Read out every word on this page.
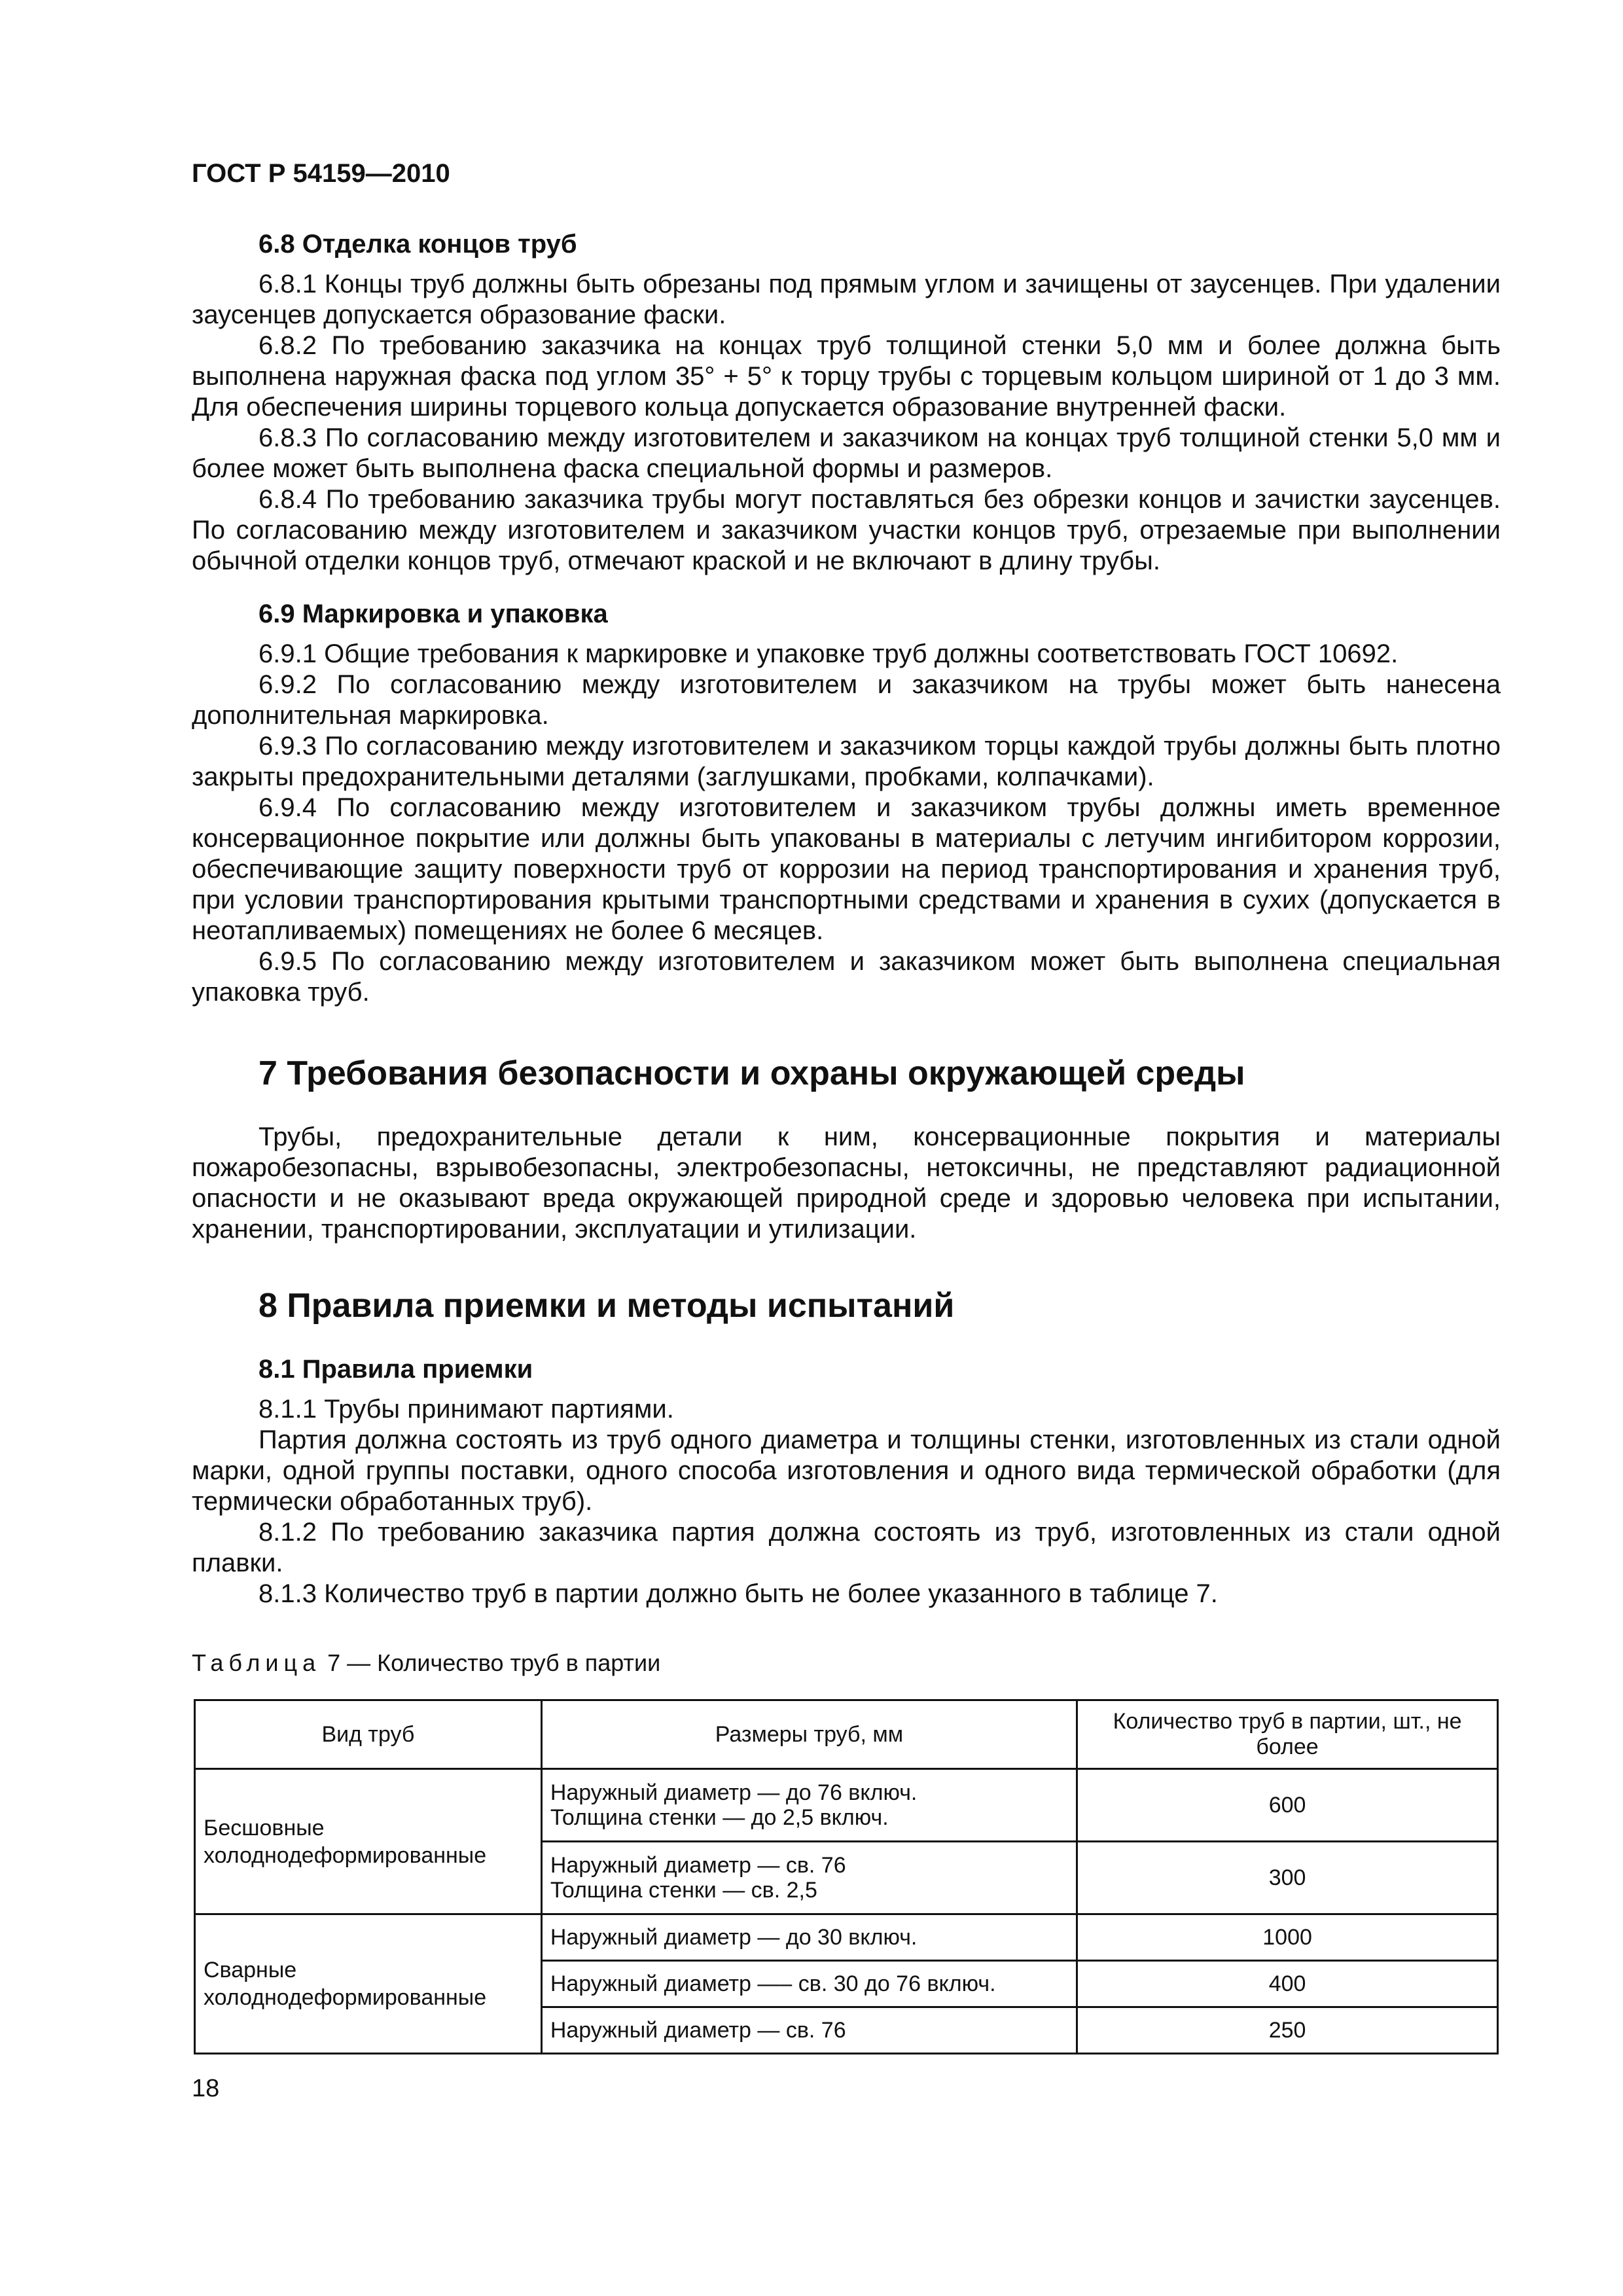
ГОСТ Р 54159—2010

6.8 Отделка концов труб

6.8.1 Концы труб должны быть обрезаны под прямым углом и зачищены от заусенцев. При удалении заусенцев допускается образование фаски.

6.8.2 По требованию заказчика на концах труб толщиной стенки 5,0 мм и более должна быть выполнена наружная фаска под углом 35° + 5° к торцу трубы с торцевым кольцом шириной от 1 до 3 мм. Для обеспечения ширины торцевого кольца допускается образование внутренней фаски.

6.8.3 По согласованию между изготовителем и заказчиком на концах труб толщиной стенки 5,0 мм и более может быть выполнена фаска специальной формы и размеров.

6.8.4 По требованию заказчика трубы могут поставляться без обрезки концов и зачистки заусенцев. По согласованию между изготовителем и заказчиком участки концов труб, отрезаемые при выполнении обычной отделки концов труб, отмечают краской и не включают в длину трубы.

6.9 Маркировка и упаковка

6.9.1 Общие требования к маркировке и упаковке труб должны соответствовать ГОСТ 10692.

6.9.2 По согласованию между изготовителем и заказчиком на трубы может быть нанесена дополнительная маркировка.

6.9.3 По согласованию между изготовителем и заказчиком торцы каждой трубы должны быть плотно закрыты предохранительными деталями (заглушками, пробками, колпачками).

6.9.4 По согласованию между изготовителем и заказчиком трубы должны иметь временное консервационное покрытие или должны быть упакованы в материалы с летучим ингибитором коррозии, обеспечивающие защиту поверхности труб от коррозии на период транспортирования и хранения труб, при условии транспортирования крытыми транспортными средствами и хранения в сухих (допускается в неотапливаемых) помещениях не более 6 месяцев.

6.9.5 По согласованию между изготовителем и заказчиком может быть выполнена специальная упаковка труб.

7 Требования безопасности и охраны окружающей среды

Трубы, предохранительные детали к ним, консервационные покрытия и материалы пожаробезопасны, взрывобезопасны, электробезопасны, нетоксичны, не представляют радиационной опасности и не оказывают вреда окружающей природной среде и здоровью человека при испытании, хранении, транспортировании, эксплуатации и утилизации.

8 Правила приемки и методы испытаний

8.1 Правила приемки

8.1.1 Трубы принимают партиями.

Партия должна состоять из труб одного диаметра и толщины стенки, изготовленных из стали одной марки, одной группы поставки, одного способа изготовления и одного вида термической обработки (для термически обработанных труб).

8.1.2 По требованию заказчика партия должна состоять из труб, изготовленных из стали одной плавки.

8.1.3 Количество труб в партии должно быть не более указанного в таблице 7.

Таблица 7 — Количество труб в партии
Вид труб	Размеры труб, мм	Количество труб в партии, шт., не более
Бесшовные холоднодеформированные	Наружный диаметр — до 76 включ.
Толщина стенки — до 2,5 включ.	600

	Наружный диаметр — св. 76
Толщина стенки — св. 2,5	300
Сварные холоднодеформированные	Наружный диаметр — до 30 включ.	1000
	Наружный диаметр —– св. 30 до 76 включ.	400
	Наружный диаметр — св. 76	250
18
